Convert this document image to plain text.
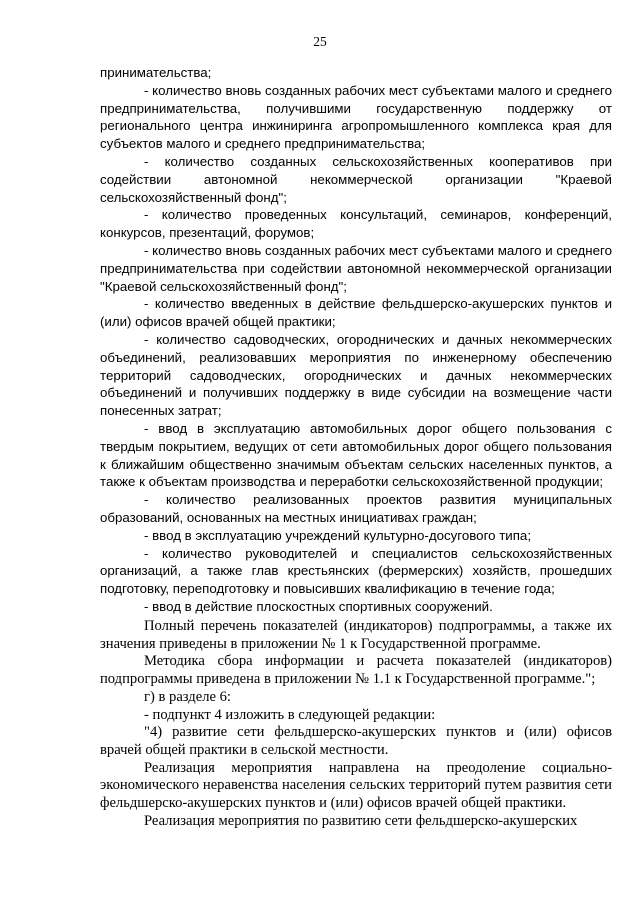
25

принимательства;

- количество вновь созданных рабочих мест субъектами малого и среднего предпринимательства, получившими государственную поддержку от регионального центра инжиниринга агропромышленного комплекса края для субъектов малого и среднего предпринимательства;

- количество созданных сельскохозяйственных кооперативов при содействии автономной некоммерческой организации "Краевой сельскохозяйственный фонд";

- количество проведенных консультаций, семинаров, конференций, конкурсов, презентаций, форумов;

- количество вновь созданных рабочих мест субъектами малого и среднего предпринимательства при содействии автономной некоммерческой организации "Краевой сельскохозяйственный фонд";

- количество введенных в действие фельдшерско-акушерских пунктов и (или) офисов врачей общей практики;

- количество садоводческих, огороднических и дачных некоммерческих объединений, реализовавших мероприятия по инженерному обеспечению территорий садоводческих, огороднических и дачных некоммерческих объединений и получивших поддержку в виде субсидии на возмещение части понесенных затрат;

- ввод в эксплуатацию автомобильных дорог общего пользования с твердым покрытием, ведущих от сети автомобильных дорог общего пользования к ближайшим общественно значимым объектам сельских населенных пунктов, а также к объектам производства и переработки сельскохозяйственной продукции;

- количество реализованных проектов развития муниципальных образований, основанных на местных инициативах граждан;

- ввод в эксплуатацию учреждений культурно-досугового типа;

- количество руководителей и специалистов сельскохозяйственных организаций, а также глав крестьянских (фермерских) хозяйств, прошедших подготовку, переподготовку и повысивших квалификацию в течение года;

- ввод в действие плоскостных спортивных сооружений.

Полный перечень показателей (индикаторов) подпрограммы, а также их значения приведены в приложении № 1 к Государственной программе.

Методика сбора информации и расчета показателей (индикаторов) подпрограммы приведена в приложении № 1.1 к Государственной программе.";

г) в разделе 6:

- подпункт 4 изложить в следующей редакции:

"4) развитие сети фельдшерско-акушерских пунктов и (или) офисов врачей общей практики в сельской местности.

Реализация мероприятия направлена на преодоление социально-экономического неравенства населения сельских территорий путем развития сети фельдшерско-акушерских пунктов и (или) офисов врачей общей практики.

Реализация мероприятия по развитию сети фельдшерско-акушерских
